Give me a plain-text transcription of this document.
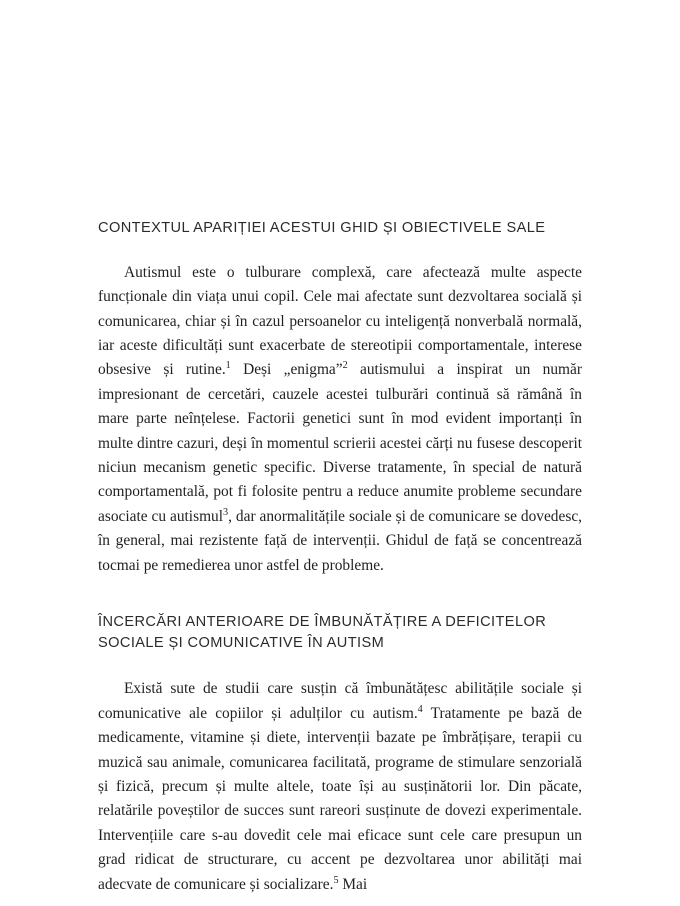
CONTEXTUL APARIȚIEI ACESTUI GHID ȘI OBIECTIVELE SALE

Autismul este o tulburare complexă, care afectează multe aspecte funcționale din viața unui copil. Cele mai afectate sunt dezvoltarea socială și comunicarea, chiar și în cazul persoanelor cu inteligență nonverbală normală, iar aceste dificultăți sunt exacerbate de stereotipii comportamentale, interese obsesive și rutine.$^1$ Deși „enigma”$^2$ autismului a inspirat un număr impresionant de cercetări, cauzele acestei tulburări continuă să rămână în mare parte neînțelese. Factorii genetici sunt în mod evident importanți în multe dintre cazuri, deși în momentul scrierii acestei cărți nu fusese descoperit niciun mecanism genetic specific. Diverse tratamente, în special de natură comportamentală, pot fi folosite pentru a reduce anumite probleme secundare asociate cu autismul$^3$, dar anormalitățile sociale și de comunicare se dovedesc, în general, mai rezistente față de intervenții. Ghidul de față se concentrează tocmai pe remedierea unor astfel de probleme.

ÎNCERCĂRI ANTERIOARE DE ÎMBUNĂTĂȚIRE A DEFICITELOR SOCIALE ȘI COMUNICATIVE ÎN AUTISM

Există sute de studii care susțin că îmbunătățesc abilitățile sociale și comunicative ale copiilor și adulților cu autism.$^4$ Tratamente pe bază de medicamente, vitamine și diete, intervenții bazate pe îmbrățișare, terapii cu muzică sau animale, comunicarea facilitată, programe de stimulare senzorială și fizică, precum și multe altele, toate își au susținătorii lor. Din păcate, relatările poveștilor de succes sunt rareori susținute de dovezi experimentale. Intervențiile care s-au dovedit cele mai eficace sunt cele care presupun un grad ridicat de structurare, cu accent pe dezvoltarea unor abilități mai adecvate de comunicare și socializare.$^5$ Mai
